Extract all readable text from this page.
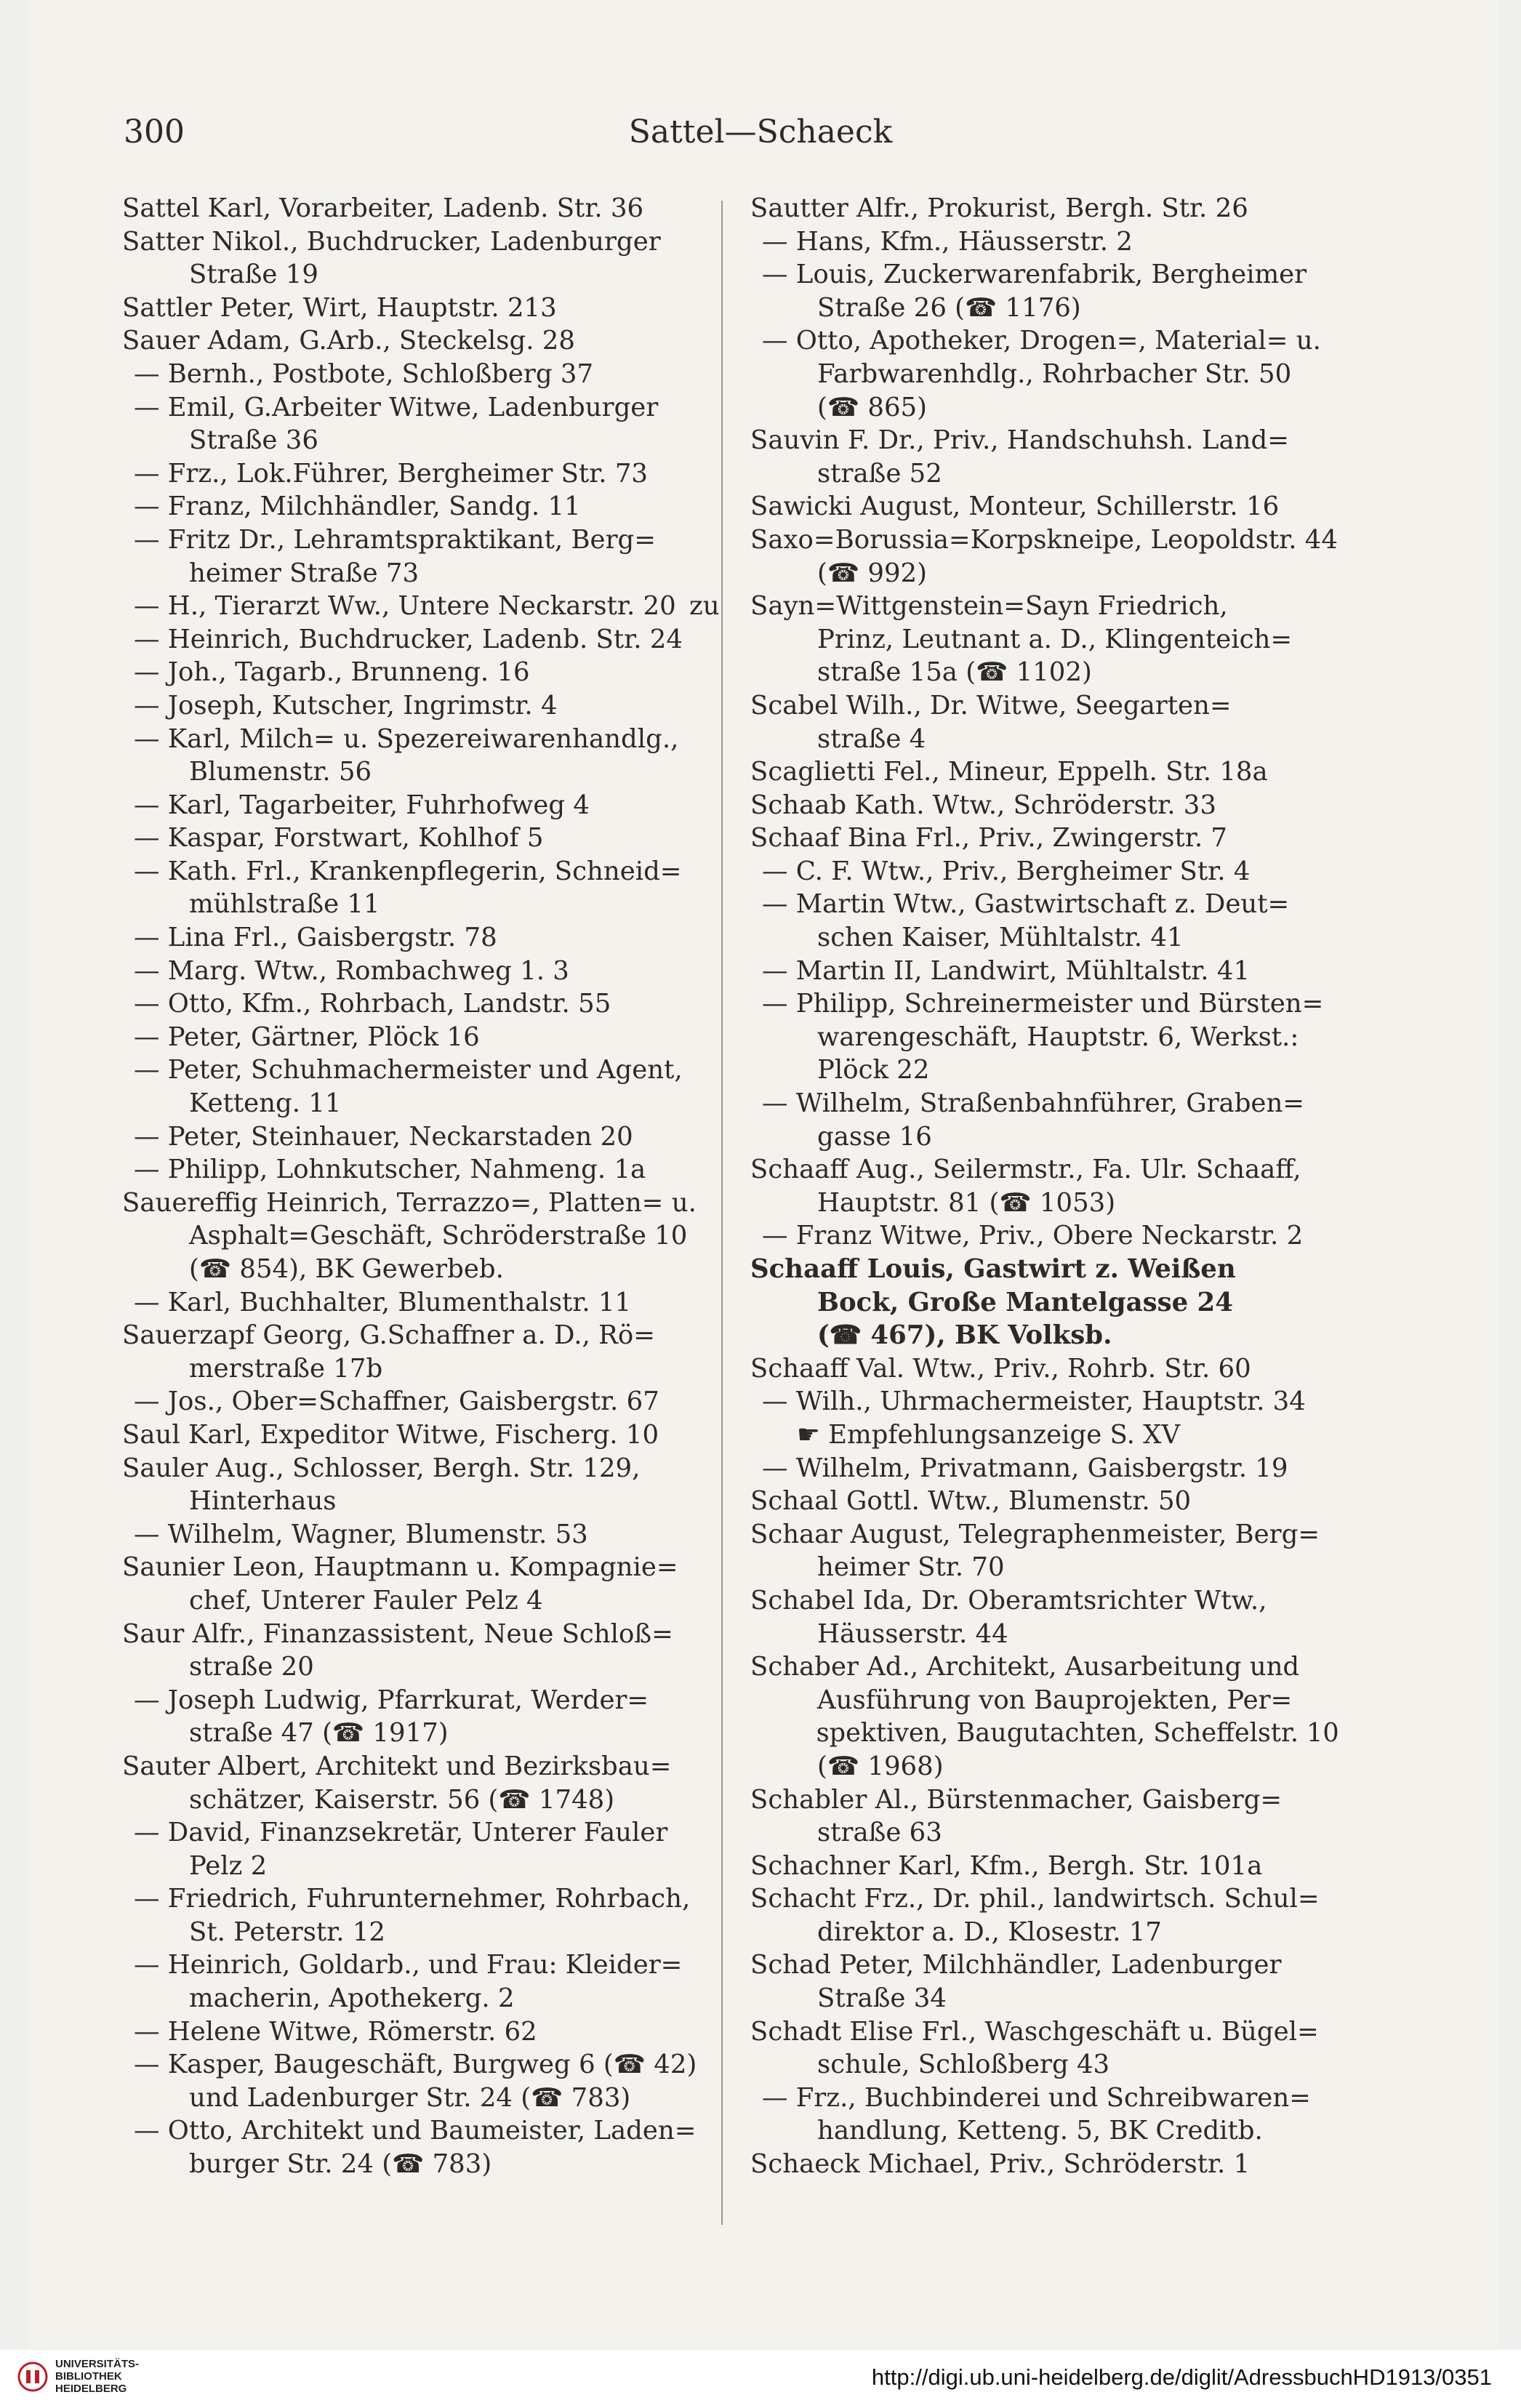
300	Sattel—Schaeck
Sattel Karl, Vorarbeiter, Ladenb. Str. 36
Satter Nikol., Buchdrucker, Ladenburger
Straße 19
Sattler Peter, Wirt, Hauptstr. 213
Sauer Adam, G.Arb., Steckelsg. 28
— Bernh., Postbote, Schloßberg 37
— Emil, G.Arbeiter Witwe, Ladenburger
Straße 36
— Frz., Lok.Führer, Bergheimer Str. 73
— Franz, Milchhändler, Sandg. 11
— Fritz Dr., Lehramtspraktikant, Berg=
heimer Straße 73
— H., Tierarzt Ww., Untere Neckarstr. 20
— Heinrich, Buchdrucker, Ladenb. Str. 24
— Joh., Tagarb., Brunneng. 16
— Joseph, Kutscher, Ingrimstr. 4
— Karl, Milch= u. Spezereiwarenhandlg.,
Blumenstr. 56
— Karl, Tagarbeiter, Fuhrhofweg 4
— Kaspar, Forstwart, Kohlhof 5
— Kath. Frl., Krankenpflegerin, Schneid=
mühlstraße 11
— Lina Frl., Gaisbergstr. 78
— Marg. Wtw., Rombachweg 1. 3
— Otto, Kfm., Rohrbach, Landstr. 55
— Peter, Gärtner, Plöck 16
— Peter, Schuhmachermeister und Agent,
Ketteng. 11
— Peter, Steinhauer, Neckarstaden 20
— Philipp, Lohnkutscher, Nahmeng. 1a
Sauereffig Heinrich, Terrazzo=, Platten= u.
Asphalt=Geschäft, Schröderstraße 10
(☎ 854), BK Gewerbeb.
— Karl, Buchhalter, Blumenthalstr. 11
Sauerzapf Georg, G.Schaffner a. D., Rö=
merstraße 17b
— Jos., Ober=Schaffner, Gaisbergstr. 67
Saul Karl, Expeditor Witwe, Fischerg. 10
Sauler Aug., Schlosser, Bergh. Str. 129,
Hinterhaus
— Wilhelm, Wagner, Blumenstr. 53
Saunier Leon, Hauptmann u. Kompagnie=
chef, Unterer Fauler Pelz 4
Saur Alfr., Finanzassistent, Neue Schloß=
straße 20
— Joseph Ludwig, Pfarrkurat, Werder=
straße 47 (☎ 1917)
Sauter Albert, Architekt und Bezirksbau=
schätzer, Kaiserstr. 56 (☎ 1748)
— David, Finanzsekretär, Unterer Fauler
Pelz 2
— Friedrich, Fuhrunternehmer, Rohrbach,
St. Peterstr. 12
— Heinrich, Goldarb., und Frau: Kleider=
macherin, Apothekerg. 2
— Helene Witwe, Römerstr. 62
— Kasper, Baugeschäft, Burgweg 6 (☎ 42)
und Ladenburger Str. 24 (☎ 783)
— Otto, Architekt und Baumeister, Laden=
burger Str. 24 (☎ 783)
Sautter Alfr., Prokurist, Bergh. Str. 26
— Hans, Kfm., Häusserstr. 2
— Louis, Zuckerwarenfabrik, Bergheimer
Straße 26 (☎ 1176)
— Otto, Apotheker, Drogen=, Material= u.
Farbwarenhdlg., Rohrbacher Str. 50
(☎ 865)
Sauvin F. Dr., Priv., Handschuhsh. Land=
straße 52
Sawicki August, Monteur, Schillerstr. 16
Saxo=Borussia=Korpskneipe, Leopoldstr. 44
(☎ 992)
zu Sayn=Wittgenstein=Sayn Friedrich,
Prinz, Leutnant a. D., Klingenteich=
straße 15a (☎ 1102)
Scabel Wilh., Dr. Witwe, Seegarten=
straße 4
Scaglietti Fel., Mineur, Eppelh. Str. 18a
Schaab Kath. Wtw., Schröderstr. 33
Schaaf Bina Frl., Priv., Zwingerstr. 7
— C. F. Wtw., Priv., Bergheimer Str. 4
— Martin Wtw., Gastwirtschaft z. Deut=
schen Kaiser, Mühltalstr. 41
— Martin II, Landwirt, Mühltalstr. 41
— Philipp, Schreinermeister und Bürsten=
warengeschäft, Hauptstr. 6, Werkst.:
Plöck 22
— Wilhelm, Straßenbahnführer, Graben=
gasse 16
Schaaff Aug., Seilermstr., Fa. Ulr. Schaaff,
Hauptstr. 81 (☎ 1053)
— Franz Witwe, Priv., Obere Neckarstr. 2
Schaaff Louis, Gastwirt z. Weißen
Bock, Große Mantelgasse 24
(☎ 467), BK Volksb.
Schaaff Val. Wtw., Priv., Rohrb. Str. 60
— Wilh., Uhrmachermeister, Hauptstr. 34
☛ Empfehlungsanzeige S. XV
— Wilhelm, Privatmann, Gaisbergstr. 19
Schaal Gottl. Wtw., Blumenstr. 50
Schaar August, Telegraphenmeister, Berg=
heimer Str. 70
Schabel Ida, Dr. Oberamtsrichter Wtw.,
Häusserstr. 44
Schaber Ad., Architekt, Ausarbeitung und
Ausführung von Bauprojekten, Per=
spektiven, Baugutachten, Scheffelstr. 10
(☎ 1968)
Schabler Al., Bürstenmacher, Gaisberg=
straße 63
Schachner Karl, Kfm., Bergh. Str. 101a
Schacht Frz., Dr. phil., landwirtsch. Schul=
direktor a. D., Klosestr. 17
Schad Peter, Milchhändler, Ladenburger
Straße 34
Schadt Elise Frl., Waschgeschäft u. Bügel=
schule, Schloßberg 43
— Frz., Buchbinderei und Schreibwaren=
handlung, Ketteng. 5, BK Creditb.
Schaeck Michael, Priv., Schröderstr. 1
UNIVERSITÄTS-
BIBLIOTHEK
HEIDELBERG	http://digi.ub.uni-heidelberg.de/diglit/AdressbuchHD1913/0351
